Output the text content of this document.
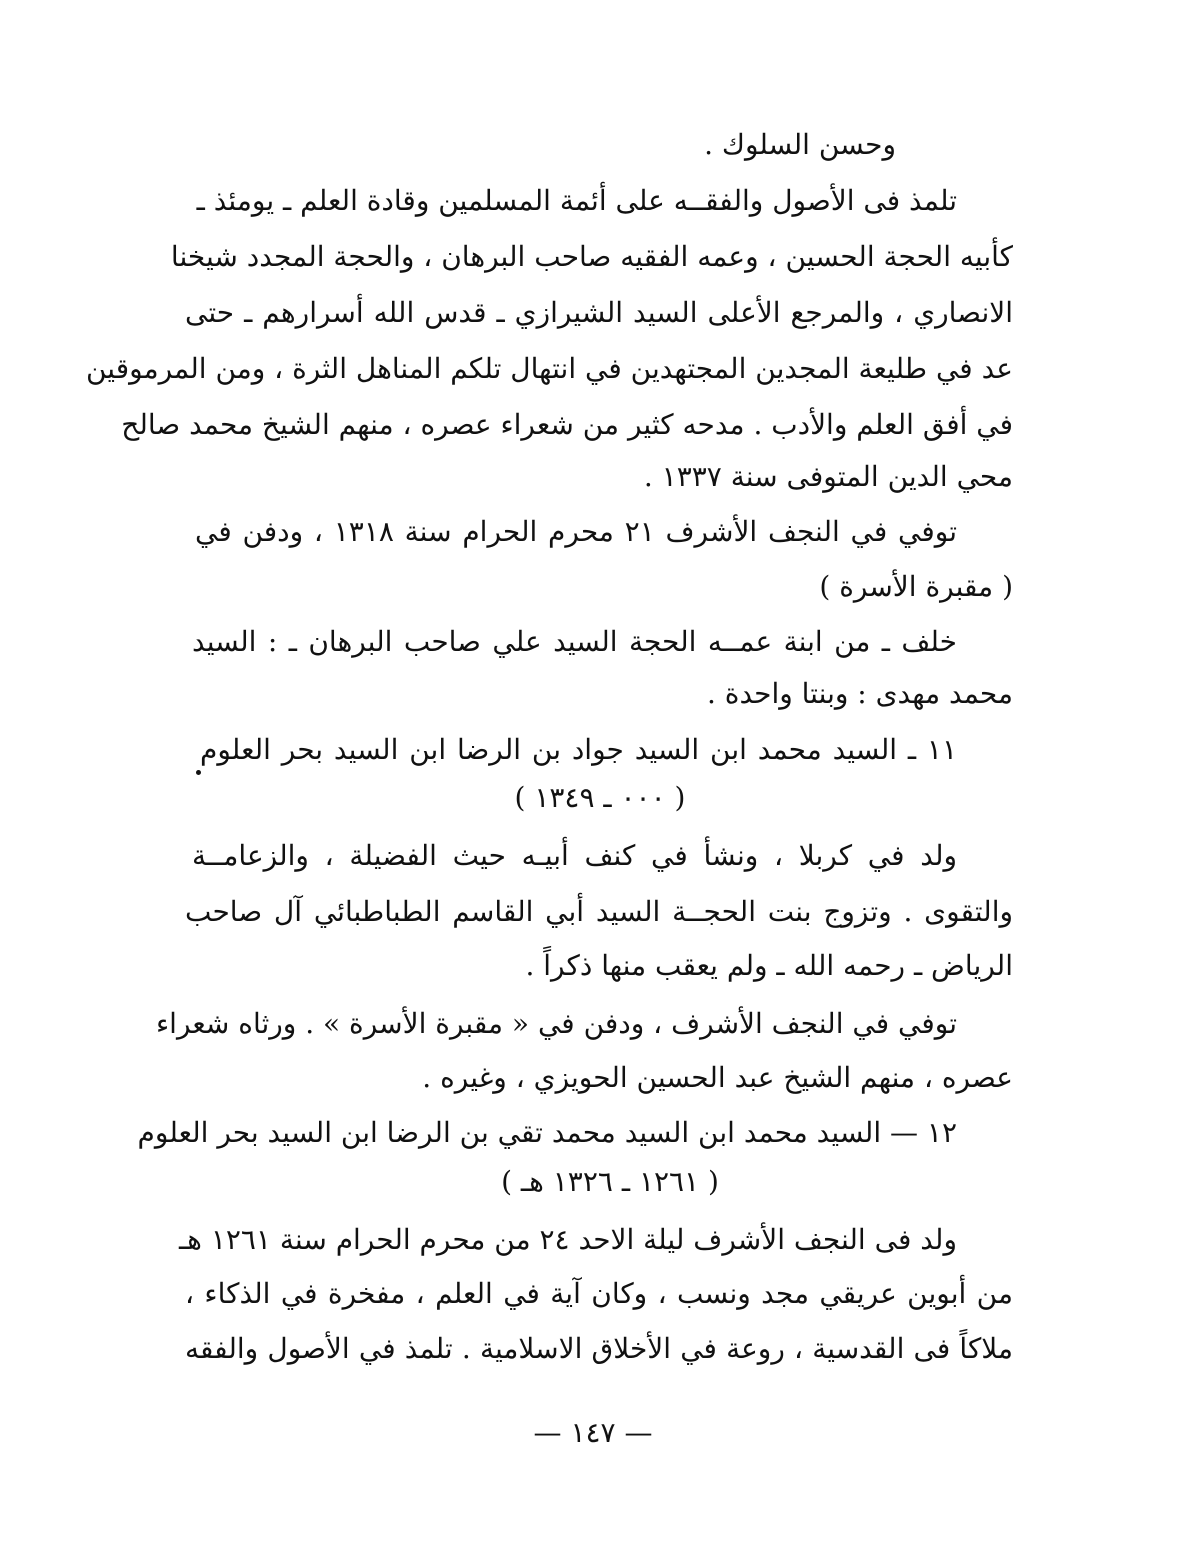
وحسن السلوك .
تلمذ فى الأصول والفقــه على أئمة المسلمين وقادة العلم ـ يومئذ ـ
كأبيه الحجة الحسين ، وعمه الفقيه صاحب البرهان ، والحجة المجدد شيخنا
الانصاري ، والمرجع الأعلى السيد الشيرازي ـ قدس الله أسرارهم ـ حتى
عد في طليعة المجدين المجتهدين في انتهال تلكم المناهل الثرة ، ومن المرموقين
في أفق العلم والأدب . مدحه كثير من شعراء عصره ، منهم الشيخ محمد صالح
محي الدين المتوفى سنة ١٣٣٧ .
توفي في النجف الأشرف ٢١ محرم الحرام سنة ١٣١٨ ، ودفن في
( مقبرة الأسرة )
خلف ـ من ابنة عمــه الحجة السيد علي صاحب البرهان ـ : السيد
محمد مهدى : وبنتا واحدة .
١١ ـ السيد محمد ابن السيد جواد بن الرضا ابن السيد بحر العلوم
( ٠٠٠ ـ ١٣٤٩ )
ولد في كربلا ، ونشأ في كنف أبيـه حيث الفضيلة ، والزعامــة
والتقوى . وتزوج بنت الحجــة السيد أبي القاسم الطباطبائي آل صاحب
الرياض ـ رحمه الله ـ ولم يعقب منها ذكراً .
توفي في النجف الأشرف ، ودفن في « مقبرة الأسرة » . ورثاه شعراء
عصره ، منهم الشيخ عبد الحسين الحويزي ، وغيره .
١٢ — السيد محمد ابن السيد محمد تقي بن الرضا ابن السيد بحر العلوم
( ١٢٦١ ـ ١٣٢٦ هـ )
ولد فى النجف الأشرف ليلة الاحد ٢٤ من محرم الحرام سنة ١٢٦١ هـ
من أبوين عريقي مجد ونسب ، وكان آية في العلم ، مفخرة في الذكاء ،
ملاكاً فى القدسية ، روعة في الأخلاق الاسلامية . تلمذ في الأصول والفقه
— ١٤٧ —
